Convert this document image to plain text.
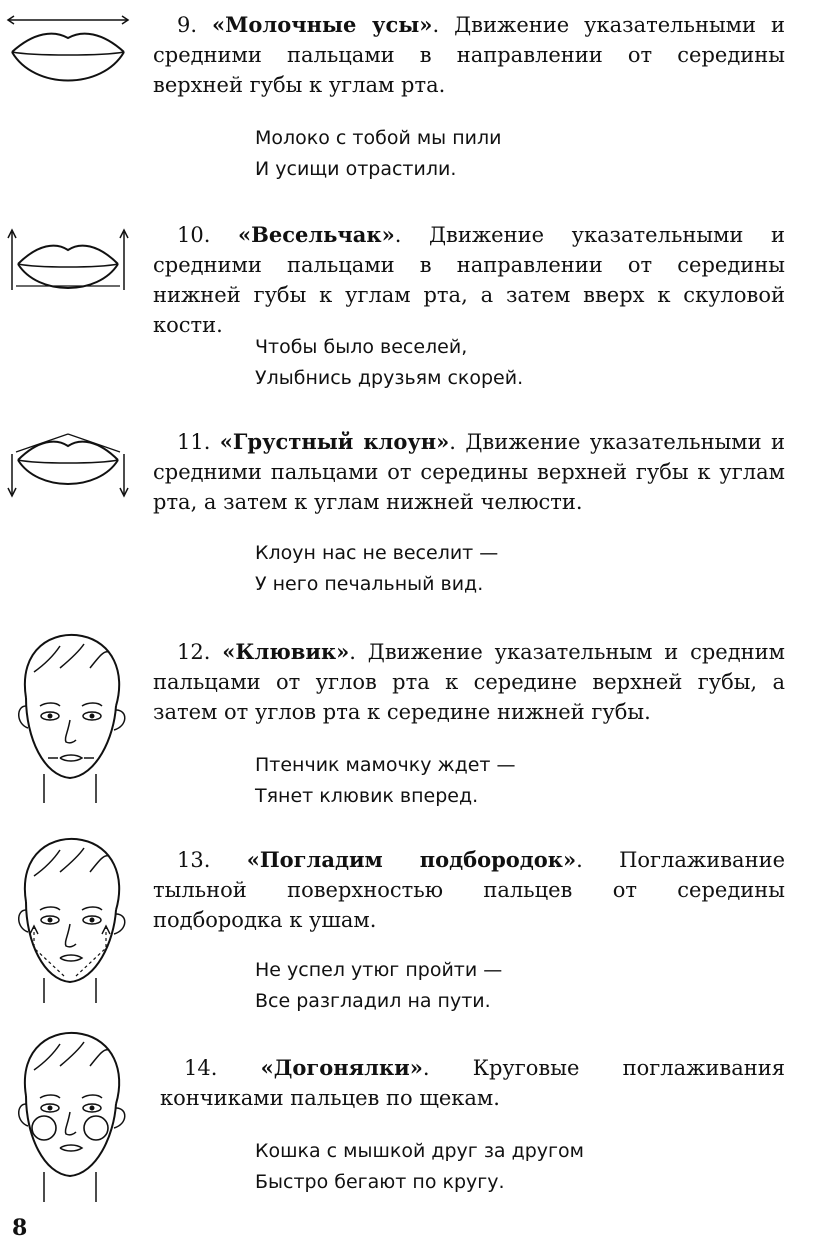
9. «Молочные усы». Движение указательными и средними пальцами в направлении от середины верхней губы к углам рта.
Молоко с тобой мы пили
И усищи отрастили.
10. «Весельчак». Движение указательными и средними пальцами в направлении от середины нижней губы к углам рта, а затем вверх к скуловой кости.
Чтобы было веселей,
Улыбнись друзьям скорей.
11. «Грустный клоун». Движение указательными и средними пальцами от середины верхней губы к углам рта, а затем к углам нижней челюсти.
Клоун нас не веселит —
У него печальный вид.
12. «Клювик». Движение указательным и средним пальцами от углов рта к середине верхней губы, а затем от углов рта к середине нижней губы.
Птенчик мамочку ждет —
Тянет клювик вперед.
13. «Погладим подбородок». Поглаживание тыльной поверхностью пальцев от середины подбородка к ушам.
Не успел утюг пройти —
Все разгладил на пути.
14. «Догонялки». Круговые поглаживания кончиками пальцев по щекам.
Кошка с мышкой друг за другом
Быстро бегают по кругу.
8
